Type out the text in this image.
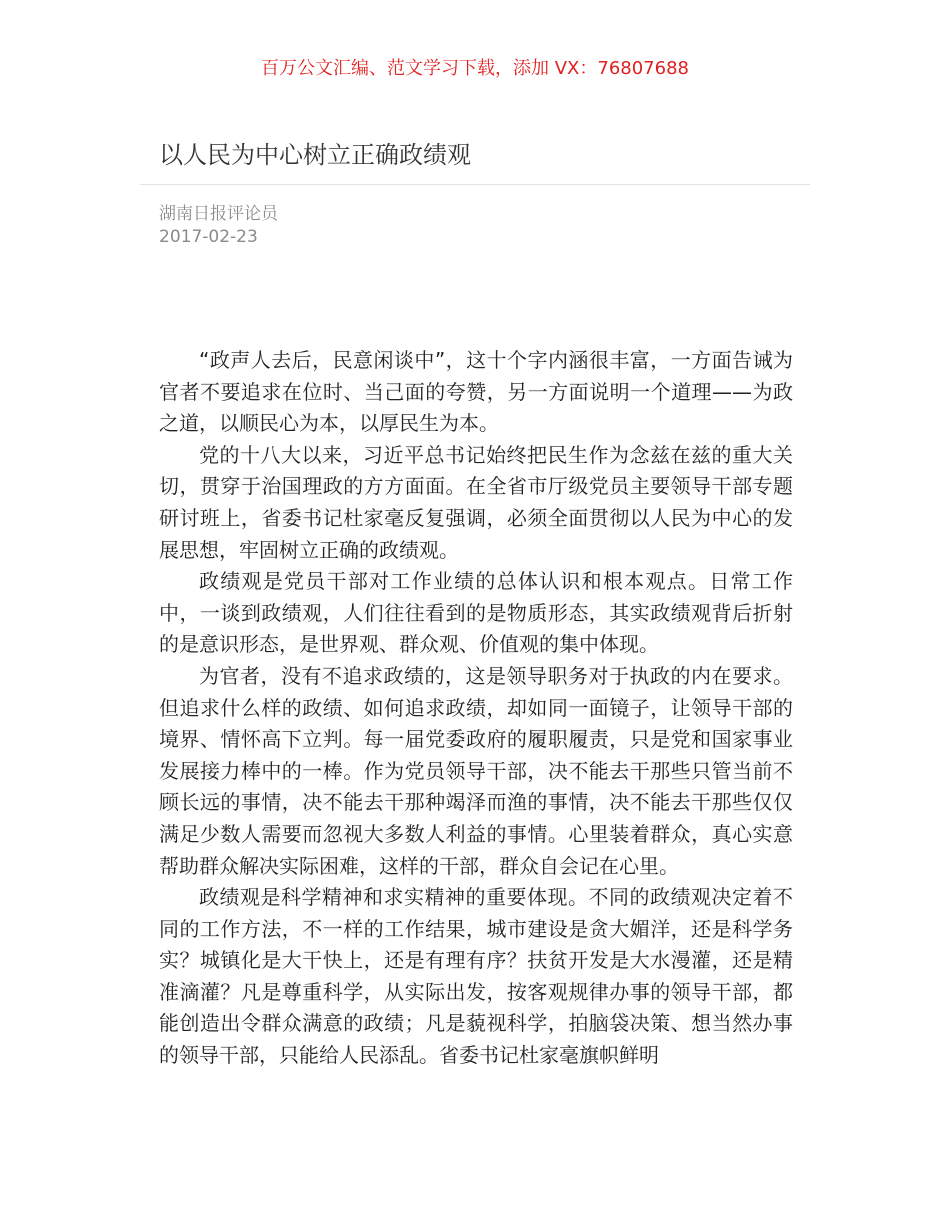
百万公文汇编、范文学习下载，添加 VX：76807688
以人民为中心树立正确政绩观
湖南日报评论员
2017-02-23

“政声人去后，民意闲谈中”，这十个字内涵很丰富，一方面告诫为官者不要追求在位时、当己面的夸赞，另一方面说明一个道理——为政之道，以顺民心为本，以厚民生为本。

党的十八大以来，习近平总书记始终把民生作为念兹在兹的重大关切，贯穿于治国理政的方方面面。在全省市厅级党员主要领导干部专题研讨班上，省委书记杜家毫反复强调，必须全面贯彻以人民为中心的发展思想，牢固树立正确的政绩观。

政绩观是党员干部对工作业绩的总体认识和根本观点。日常工作中，一谈到政绩观，人们往往看到的是物质形态，其实政绩观背后折射的是意识形态，是世界观、群众观、价值观的集中体现。

为官者，没有不追求政绩的，这是领导职务对于执政的内在要求。但追求什么样的政绩、如何追求政绩，却如同一面镜子，让领导干部的境界、情怀高下立判。每一届党委政府的履职履责，只是党和国家事业发展接力棒中的一棒。作为党员领导干部，决不能去干那些只管当前不顾长远的事情，决不能去干那种竭泽而渔的事情，决不能去干那些仅仅满足少数人需要而忽视大多数人利益的事情。心里装着群众，真心实意帮助群众解决实际困难，这样的干部，群众自会记在心里。

政绩观是科学精神和求实精神的重要体现。不同的政绩观决定着不同的工作方法，不一样的工作结果，城市建设是贪大媚洋，还是科学务实？城镇化是大干快上，还是有理有序？扶贫开发是大水漫灌，还是精准滴灌？凡是尊重科学，从实际出发，按客观规律办事的领导干部，都能创造出令群众满意的政绩；凡是藐视科学，拍脑袋决策、想当然办事的领导干部，只能给人民添乱。省委书记杜家毫旗帜鲜明
